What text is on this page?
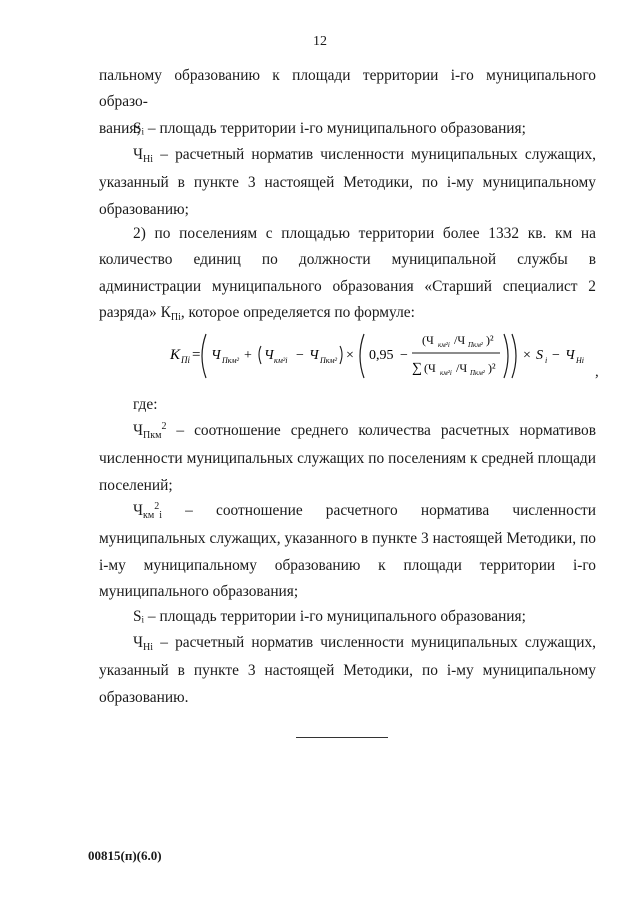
12

пальному образованию к площади территории i-го муниципального образо-

вания;

Sᵢ – площадь территории i-го муниципального образования;

ЧНi – расчетный норматив численности муниципальных служащих, указанный в пункте 3 настоящей Методики, по i-му муниципальному образованию;

2) по поселениям с площадью территории более 1332 кв. км на количество единиц по должности муниципальной службы в администрации муниципального образования «Старший специалист 2 разряда» КПi, которое определяется по формуле:

К Пi = Ч Пкм² + Ч км²i − Ч Пкм² × 0,95 −
(Ч км²i /Ч Пкм² )²
∑ (Ч км²i /Ч Пкм² )²
× S i − Ч Нi
,

где:

ЧПкм$^2$ – соотношение среднего количества расчетных нормативов численности муниципальных служащих по поселениям к средней площади поселений;

Чкм$^2$i – соотношение расчетного норматива численности муниципальных служащих, указанного в пункте 3 настоящей Методики, по i-му муниципальному образованию к площади территории i-го муниципального образования;

Sᵢ – площадь территории i-го муниципального образования;

ЧНi – расчетный норматив численности муниципальных служащих, указанный в пункте 3 настоящей Методики, по i-му муниципальному образованию.

00815(п)(6.0)
